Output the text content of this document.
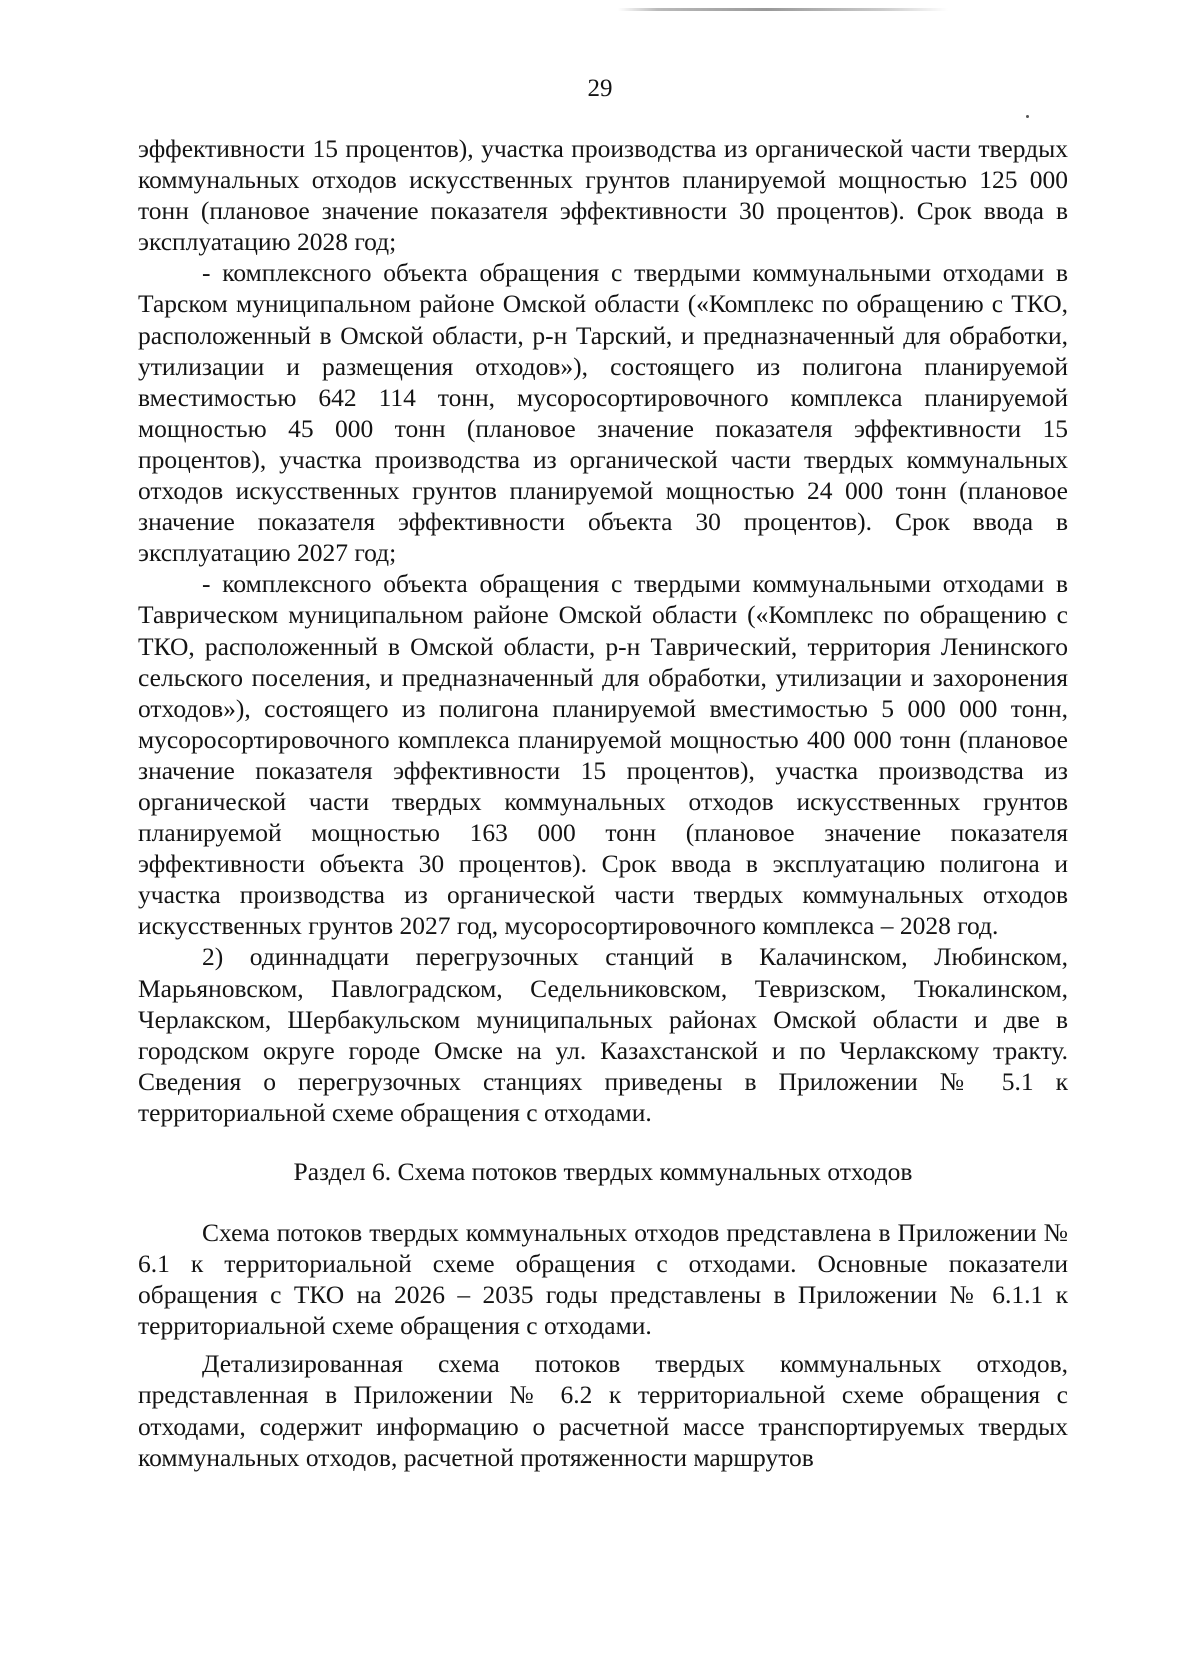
29

эффективности 15 процентов), участка производства из органической части твердых коммунальных отходов искусственных грунтов планируемой мощностью 125 000 тонн (плановое значение показателя эффективности 30 процентов). Срок ввода в эксплуатацию 2028 год;

- комплексного объекта обращения с твердыми коммунальными отходами в Тарском муниципальном районе Омской области («Комплекс по обращению с ТКО, расположенный в Омской области, р-н Тарский, и предназначенный для обработки, утилизации и размещения отходов»), состоящего из полигона планируемой вместимостью 642 114 тонн, мусоросортировочного комплекса планируемой мощностью 45 000 тонн (плановое значение показателя эффективности 15 процентов), участка производства из органической части твердых коммунальных отходов искусственных грунтов планируемой мощностью 24 000 тонн (плановое значение показателя эффективности объекта 30 процентов). Срок ввода в эксплуатацию 2027 год;

- комплексного объекта обращения с твердыми коммунальными отходами в Таврическом муниципальном районе Омской области («Комплекс по обращению с ТКО, расположенный в Омской области, р-н Таврический, территория Ленинского сельского поселения, и предназначенный для обработки, утилизации и захоронения отходов»), состоящего из полигона планируемой вместимостью 5 000 000 тонн, мусоросортировочного комплекса планируемой мощностью 400 000 тонн (плановое значение показателя эффективности 15 процентов), участка производства из органической части твердых коммунальных отходов искусственных грунтов планируемой мощностью 163 000 тонн (плановое значение показателя эффективности объекта 30 процентов). Срок ввода в эксплуатацию полигона и участка производства из органической части твердых коммунальных отходов искусственных грунтов 2027 год, мусоросортировочного комплекса – 2028 год.

2) одиннадцати перегрузочных станций в Калачинском, Любинском, Марьяновском, Павлоградском, Седельниковском, Тевризском, Тюкалинском, Черлакском, Шербакульском муниципальных районах Омской области и две в городском округе городе Омске на ул. Казахстанской и по Черлакскому тракту. Сведения о перегрузочных станциях приведены в Приложении № 5.1 к территориальной схеме обращения с отходами.

Раздел 6. Схема потоков твердых коммунальных отходов

Схема потоков твердых коммунальных отходов представлена в Приложении № 6.1 к территориальной схеме обращения с отходами. Основные показатели обращения с ТКО на 2026 – 2035 годы представлены в Приложении № 6.1.1 к территориальной схеме обращения с отходами.

Детализированная схема потоков твердых коммунальных отходов, представленная в Приложении № 6.2 к территориальной схеме обращения с отходами, содержит информацию о расчетной массе транспортируемых твердых коммунальных отходов, расчетной протяженности маршрутов
